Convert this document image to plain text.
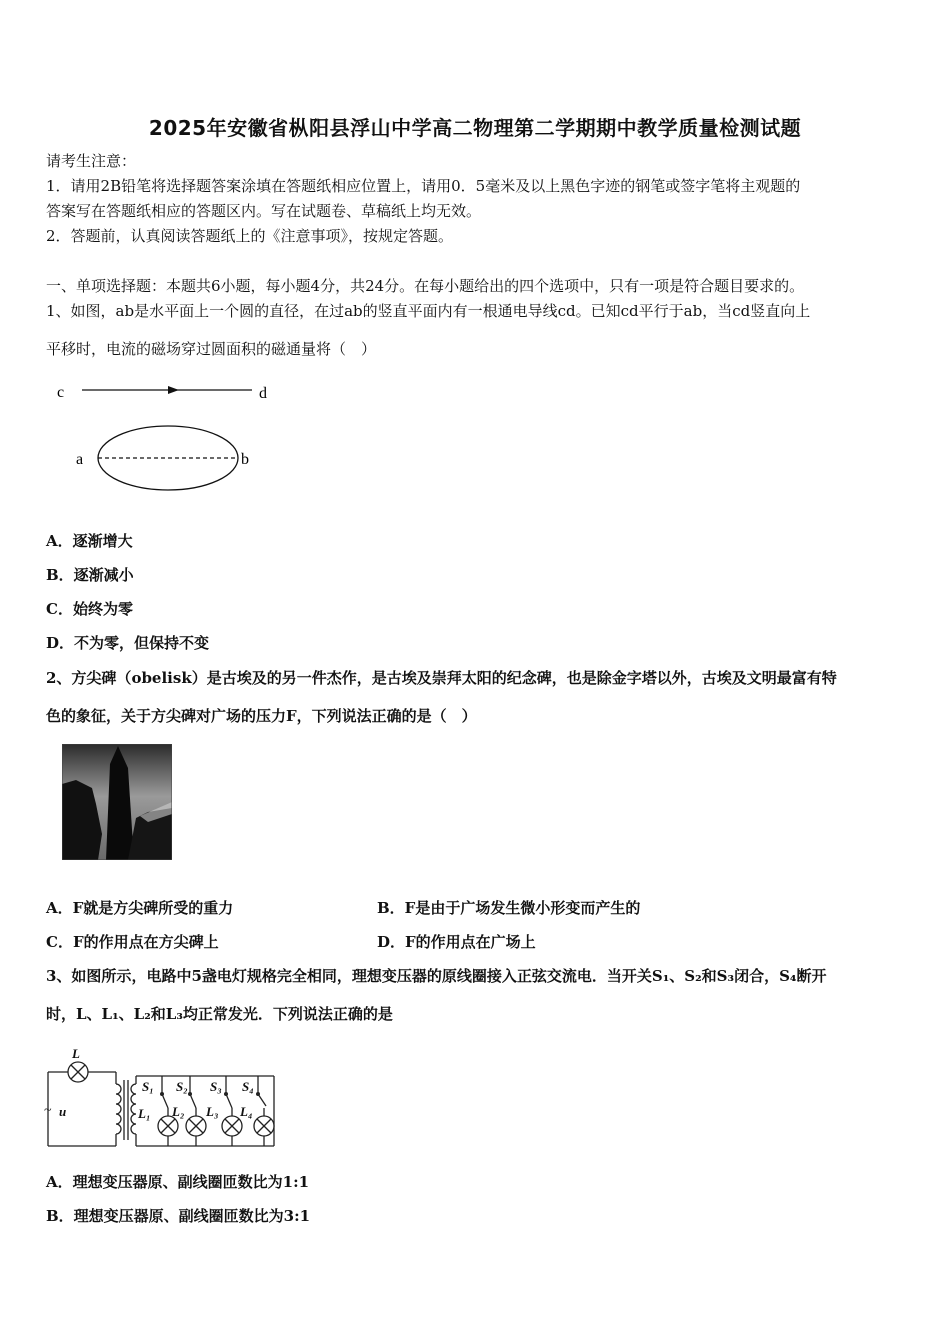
2025年安徽省枞阳县浮山中学高二物理第二学期期中教学质量检测试题
请考生注意：
1．请用2B铅笔将选择题答案涂填在答题纸相应位置上，请用0．5毫米及以上黑色字迹的钢笔或签字笔将主观题的
答案写在答题纸相应的答题区内。写在试题卷、草稿纸上均无效。
2．答题前，认真阅读答题纸上的《注意事项》，按规定答题。
一、单项选择题：本题共6小题，每小题4分，共24分。在每小题给出的四个选项中，只有一项是符合题目要求的。
1、如图，ab是水平面上一个圆的直径，在过ab的竖直平面内有一根通电导线cd。已知cd平行于ab，当cd竖直向上
平移时，电流的磁场穿过圆面积的磁通量将（　）
c	d
a	b
A．逐渐增大
B．逐渐减小
C．始终为零
D．不为零，但保持不变
2、方尖碑（obelisk）是古埃及的另一件杰作，是古埃及崇拜太阳的纪念碑，也是除金字塔以外，古埃及文明最富有特
色的象征，关于方尖碑对广场的压力F，下列说法正确的是（　）
A．F就是方尖碑所受的重力	B．F是由于广场发生微小形变而产生的
C．F的作用点在方尖碑上	D．F的作用点在广场上
3、如图所示，电路中5盏电灯规格完全相同，理想变压器的原线圈接入正弦交流电．当开关S₁、S₂和S₃闭合，S₄断开
时，L、L₁、L₂和L₃均正常发光．下列说法正确的是
L
S₁ S₂ S₃ S₄
L₁ L₂ L₃ L₄
u
~
A．理想变压器原、副线圈匝数比为1:1
B．理想变压器原、副线圈匝数比为3:1
